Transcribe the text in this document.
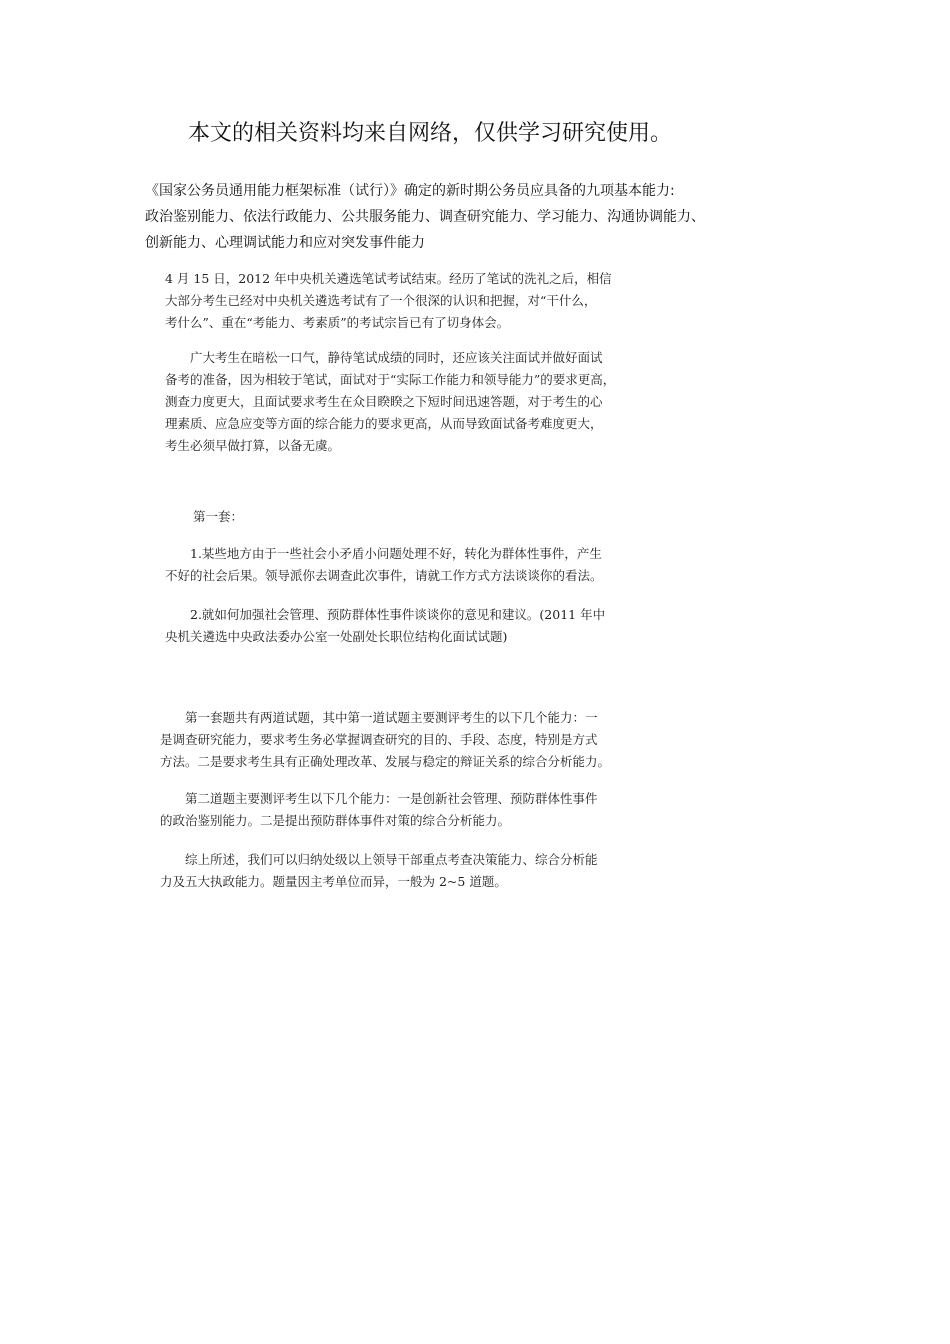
本文的相关资料均来自网络，仅供学习研究使用。
《国家公务员通用能力框架标准（试行）》确定的新时期公务员应具备的九项基本能力:
政治鉴别能力、依法行政能力、公共服务能力、调查研究能力、学习能力、沟通协调能力、
创新能力、心理调试能力和应对突发事件能力
4 月 15 日，2012 年中央机关遴选笔试考试结束。经历了笔试的洗礼之后，相信
大部分考生已经对中央机关遴选考试有了一个很深的认识和把握，对“干什么，
考什么”、重在“考能力、考素质”的考试宗旨已有了切身体会。
广大考生在暗松一口气，静待笔试成绩的同时，还应该关注面试并做好面试
备考的准备，因为相较于笔试，面试对于“实际工作能力和领导能力”的要求更高，
测查力度更大，且面试要求考生在众目睽睽之下短时间迅速答题，对于考生的心
理素质、应急应变等方面的综合能力的要求更高，从而导致面试备考难度更大，
考生必须早做打算，以备无虞。
第一套：
1.某些地方由于一些社会小矛盾小问题处理不好，转化为群体性事件，产生
不好的社会后果。领导派你去调查此次事件，请就工作方式方法谈谈你的看法。
2.就如何加强社会管理、预防群体性事件谈谈你的意见和建议。(2011 年中
央机关遴选中央政法委办公室一处副处长职位结构化面试试题)
第一套题共有两道试题，其中第一道试题主要测评考生的以下几个能力：一
是调查研究能力，要求考生务必掌握调查研究的目的、手段、态度，特别是方式
方法。二是要求考生具有正确处理改革、发展与稳定的辩证关系的综合分析能力。
第二道题主要测评考生以下几个能力：一是创新社会管理、预防群体性事件
的政治鉴别能力。二是提出预防群体事件对策的综合分析能力。
综上所述，我们可以归纳处级以上领导干部重点考查决策能力、综合分析能
力及五大执政能力。题量因主考单位而异，一般为 2~5 道题。
